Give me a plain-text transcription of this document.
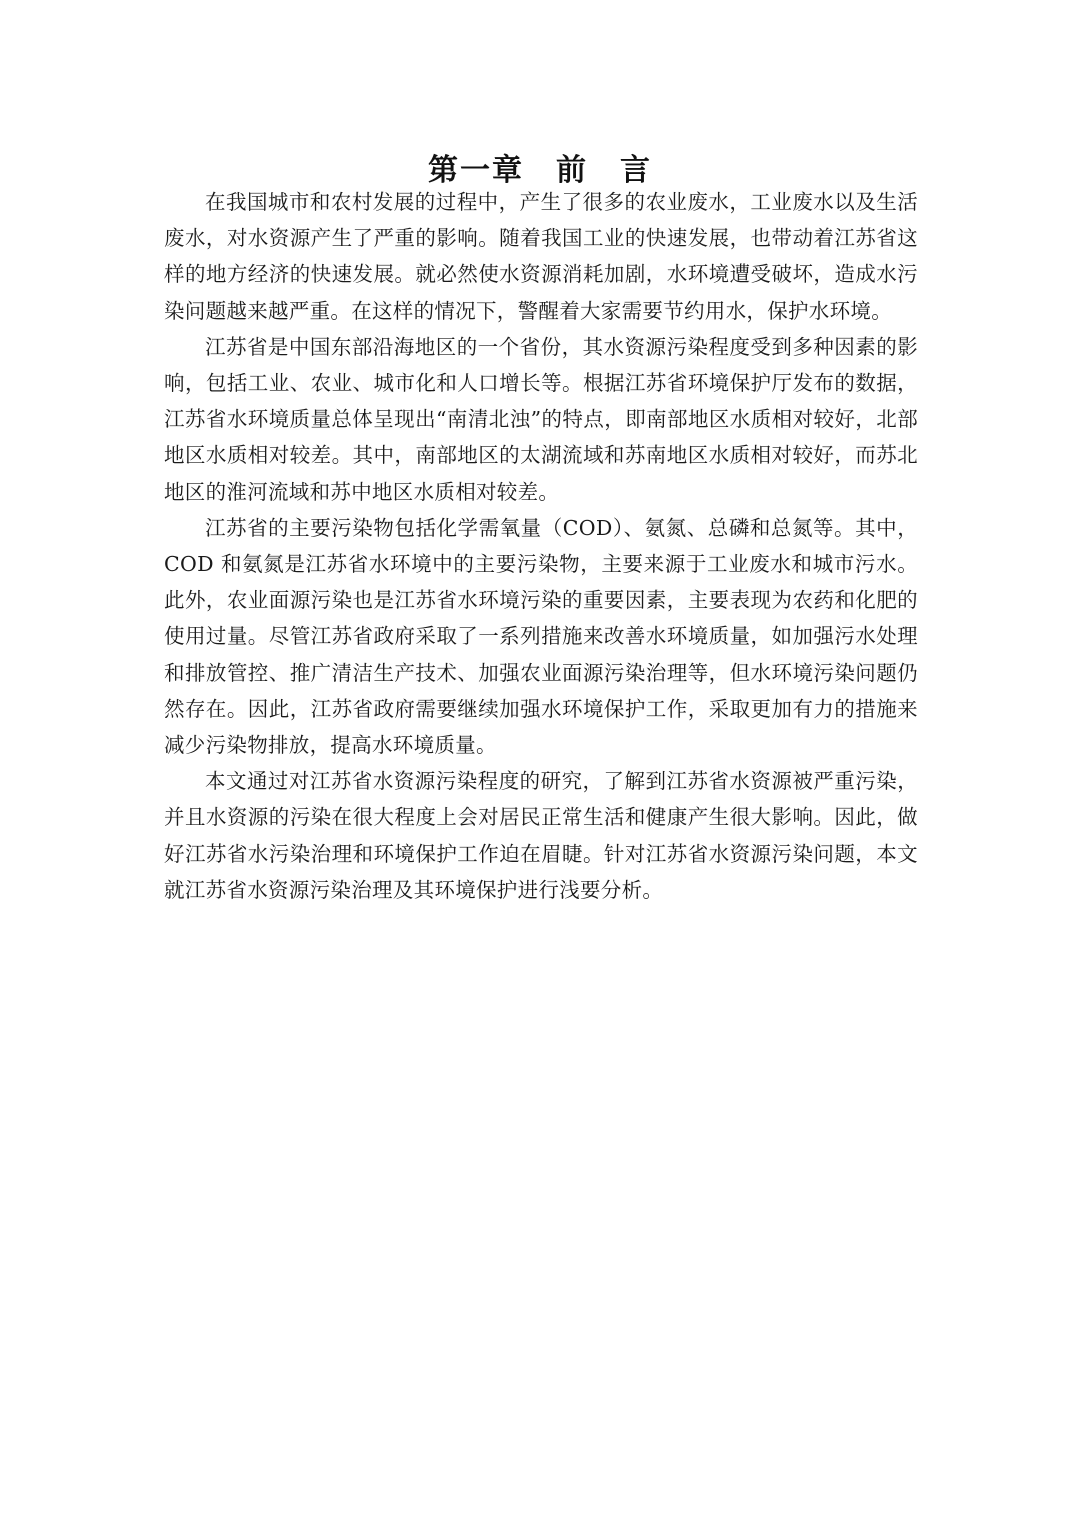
第一章　前　言

在我国城市和农村发展的过程中，产生了很多的农业废水，工业废水以及生活废水，对水资源产生了严重的影响。随着我国工业的快速发展，也带动着江苏省这样的地方经济的快速发展。就必然使水资源消耗加剧，水环境遭受破坏，造成水污染问题越来越严重。在这样的情况下，警醒着大家需要节约用水，保护水环境。

江苏省是中国东部沿海地区的一个省份，其水资源污染程度受到多种因素的影响，包括工业、农业、城市化和人口增长等。根据江苏省环境保护厅发布的数据，江苏省水环境质量总体呈现出“南清北浊”的特点，即南部地区水质相对较好，北部地区水质相对较差。其中，南部地区的太湖流域和苏南地区水质相对较好，而苏北地区的淮河流域和苏中地区水质相对较差。

江苏省的主要污染物包括化学需氧量（COD）、氨氮、总磷和总氮等。其中，COD 和氨氮是江苏省水环境中的主要污染物，主要来源于工业废水和城市污水。此外，农业面源污染也是江苏省水环境污染的重要因素，主要表现为农药和化肥的使用过量。尽管江苏省政府采取了一系列措施来改善水环境质量，如加强污水处理和排放管控、推广清洁生产技术、加强农业面源污染治理等，但水环境污染问题仍然存在。因此，江苏省政府需要继续加强水环境保护工作，采取更加有力的措施来减少污染物排放，提高水环境质量。

本文通过对江苏省水资源污染程度的研究，了解到江苏省水资源被严重污染，并且水资源的污染在很大程度上会对居民正常生活和健康产生很大影响。因此，做好江苏省水污染治理和环境保护工作迫在眉睫。针对江苏省水资源污染问题，本文就江苏省水资源污染治理及其环境保护进行浅要分析。
